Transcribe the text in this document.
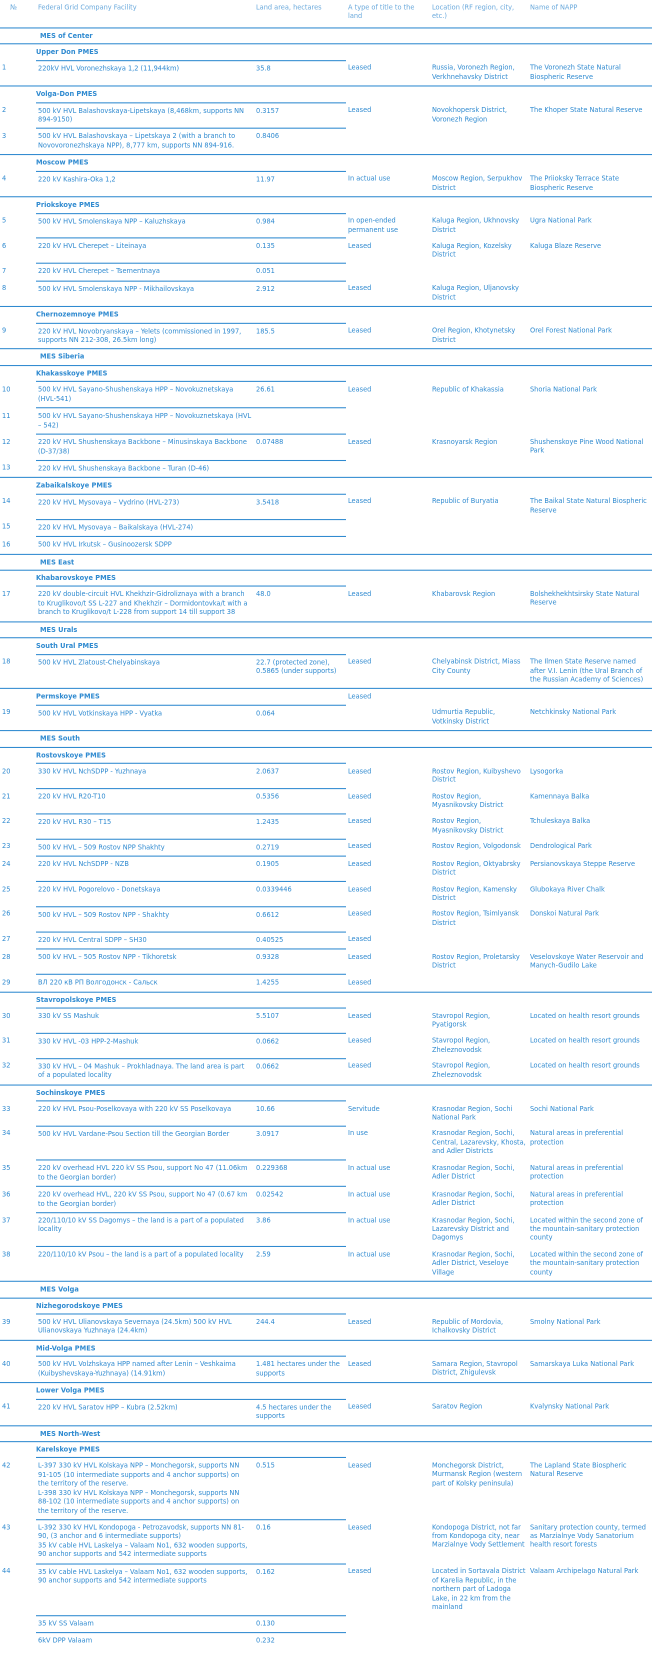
№	Federal Grid Company Facility	Land area, hectares	A type of title to the land	Location (RF region, city, etc.)	Name of NAPP
	MES of Center				
	Upper Don PMES				
1	220kV HVL Voronezhskaya 1,2 (11,944km)	35.8	Leased	Russia, Voronezh Region, Verkhnehavsky District	The Voronezh State Natural Biospheric Reserve
	Volga-Don PMES				
2	500 kV HVL Balashovskaya-Lipetskaya (8,468km, supports NN 894-9150)	0.3157	Leased	Novokhopersk District, Voronezh Region	The Khoper State Natural Reserve
3	500 kV HVL Balashovskaya – Lipetskaya 2 (with a branch to Novovoronezhskaya NPP), 8,777 km, supports NN 894-916.	0.8406			
	Moscow PMES				
4	220 kV Kashira-Oka 1,2	11.97	In actual use	Moscow Region, Serpukhov District	The Priioksky Terrace State Biospheric Reserve
	Priokskoye PMES				
5	500 kV HVL Smolenskaya NPP – Kaluzhskaya	0.984	In open-ended permanent use	Kaluga Region, Ukhnovsky District	Ugra National Park
6	220 kV HVL Cherepet – Liteinaya	0.135	Leased	Kaluga Region, Kozelsky District	Kaluga Blaze Reserve
7	220 kV HVL Cherepet – Tsementnaya	0.051			
8	500 kV HVL Smolenskaya NPP - Mikhailovskaya	2.912	Leased	Kaluga Region, Uljanovsky District	
	Chernozemnoye PMES				
9	220 kV HVL Novobryanskaya – Yelets (commissioned in 1997, supports NN 212-308, 26.5km long)	185.5	Leased	Orel Region, Khotynetsky District	Orel Forest National Park
	MES Siberia				
	Khakasskoye PMES				
10	500 kV HVL Sayano-Shushenskaya HPP – Novokuznetskaya (HVL-541)	26.61	Leased	Republic of Khakassia	Shoria National Park
11	500 kV HVL Sayano-Shushenskaya HPP – Novokuznetskaya (HVL – 542)				
12	220 kV HVL Shushenskaya Backbone – Minusinskaya Backbone (D-37/38)	0.07488	Leased	Krasnoyarsk Region	Shushenskoye Pine Wood National Park
13	220 kV HVL Shushenskaya Backbone – Turan (D-46)				
	Zabaikalskoye PMES				
14	220 kV HVL Mysovaya – Vydrino (HVL-273)	3.5418	Leased	Republic of Buryatia	The Baikal State Natural Biospheric Reserve
15	220 kV HVL Mysovaya – Baikalskaya (HVL-274)				
16	500 kV HVL Irkutsk – Gusinoozersk SDPP				
	MES East				
	Khabarovskoye PMES				
17	220 kV double-circuit HVL Khekhzir-Gidroliznaya with a branch to Kruglikovo/t SS L-227 and Khekhzir – Dormidontovka/t with a branch to Kruglikovo/t L-228 from support 14 till support 38	48.0	Leased	Khabarovsk Region	Bolshekhekhtsirsky State Natural Reserve
	MES Urals				
	South Ural PMES				
18	500 kV HVL Zlatoust-Chelyabinskaya	22.7 (protected zone), 0.5865 (under supports)	Leased	Chelyabinsk District, Miass City County	The Ilmen State Reserve named after V.I. Lenin (the Ural Branch of the Russian Academy of Sciences)
	Permskoye PMES		Leased		
19	500 kV HVL Votkinskaya HPP - Vyatka	0.064		Udmurtia Republic, Votkinsky District	Netchkinsky National Park
	MES South				
	Rostovskoye PMES				
20	330 kV HVL NchSDPP - Yuzhnaya	2.0637	Leased	Rostov Region, Kuibyshevo District	Lysogorka
21	220 kV HVL R20-T10	0.5356	Leased	Rostov Region, Myasnikovsky District	Kamennaya Balka
22	220 kV HVL R30 – T15	1.2435	Leased	Rostov Region, Myasnikovsky District	Tchuleskaya Balka
23	500 kV HVL – 509 Rostov NPP Shakhty	0.2719	Leased	Rostov Region, Volgodonsk	Dendrological Park
24	220 kV HVL NchSDPP - NZB	0.1905	Leased	Rostov Region, Oktyabrsky District	Persianovskaya Steppe Reserve
25	220 kV HVL Pogorelovo - Donetskaya	0.0339446	Leased	Rostov Region, Kamensky District	Glubokaya River Chalk
26	500 kV HVL – 509 Rostov NPP - Shakhty	0.6612	Leased	Rostov Region, Tsimlyansk District	Donskoi Natural Park
27	220 kV HVL Central SDPP – SH30	0.40525	Leased		
28	500 kV HVL – 505 Rostov NPP - Tikhoretsk	0.9328	Leased	Rostov Region, Proletarsky District	Veselovskoye Water Reservoir and Manych-Gudilo Lake
29	ВЛ 220 кВ РП Волгодонск - Сальск	1.4255	Leased		
	Stavropolskoye PMES				
30	330 kV SS Mashuk	5.5107	Leased	Stavropol Region, Pyatigorsk	Located on health resort grounds
31	330 kV HVL -03 HPP-2-Mashuk	0.0662	Leased	Stavropol Region, Zheleznovodsk	Located on health resort grounds
32	330 kV HVL – 04 Mashuk – Prokhladnaya. The land area is part of a populated locality	0.0662	Leased	Stavropol Region, Zheleznovodsk	Located on health resort grounds
	Sochinskoye PMES				
33	220 kV HVL Psou-Poselkovaya with 220 kV SS Poselkovaya	10.66	Servitude	Krasnodar Region, Sochi National Park	Sochi National Park
34	500 kV HVL Vardane-Psou Section till the Georgian Border	3.0917	In use	Krasnodar Region, Sochi, Central, Lazarevsky, Khosta, and Adler Districts	Natural areas in preferential protection
35	220 kV overhead HVL 220 kV SS Psou, support No 47 (11.06km to the Georgian border)	0.229368	In actual use	Krasnodar Region, Sochi, Adler District	Natural areas in preferential protection
36	220 kV overhead HVL, 220 kV SS Psou, support No 47 (0.67 km to the Georgian border)	0.02542	In actual use	Krasnodar Region, Sochi, Adler District	Natural areas in preferential protection
37	220/110/10 kV SS Dagomys – the land is a part of a populated locality	3.86	In actual use	Krasnodar Region, Sochi, Lazarevsky District and Dagomys	Located within the second zone of the mountain-sanitary protection county
38	220/110/10 kV Psou – the land is a part of a populated locality	2.59	In actual use	Krasnodar Region, Sochi, Adler District, Veseloye Village	Located within the second zone of the mountain-sanitary protection county
	MES Volga				
	Nizhegorodskoye PMES				
39	500 kV HVL Ulianovskaya Severnaya (24.5km) 500 kV HVL Ulianovskaya Yuzhnaya (24.4km)	244.4	Leased	Republic of Mordovia, Ichalkovsky District	Smolny National Park
	Mid-Volga PMES				
40	500 kV HVL Volzhskaya HPP named after Lenin – Veshkaima (Kuibyshevskaya-Yuzhnaya) (14.91km)	1.481 hectares under the supports	Leased	Samara Region, Stavropol District, Zhigulevsk	Samarskaya Luka National Park
	Lower Volga PMES				
41	220 kV HVL Saratov HPP – Kubra (2.52km)	4.5 hectares under the supports	Leased	Saratov Region	Kvalynsky National Park
	MES North-West				
	Karelskoye PMES				
42	L-397 330 kV HVL Kolskaya NPP – Monchegorsk, supports NN 91-105 (10 intermediate supports and 4 anchor supports) on the territory of the reserve.
L-398 330 kV HVL Kolskaya NPP – Monchegorsk, supports NN 88-102 (10 intermediate supports and 4 anchor supports) on the territory of the reserve.	0.515	Leased	Monchegorsk District, Murmansk Region (western part of Kolsky peninsula)	The Lapland State Biospheric Natural Reserve
43	L-392 330 kV HVL Kondopoga - Petrozavodsk, supports NN 81-90, (3 anchor and 6 intermediate supports)
35 kV cable HVL Laskelya – Valaam No1, 632 wooden supports, 90 anchor supports and 542 intermediate supports	0.16	Leased	Kondopoga District, not far from Kondopoga city, near Marzialnye Vody Settlement	Sanitary protection county, termed as Marzialnye Vody Sanatorium health resort forests
44	35 kV cable HVL Laskelya – Valaam No1, 632 wooden supports, 90 anchor supports and 542 intermediate supports	0.162	Leased	Located in Sortavala District of Karelia Republic, in the northern part of Ladoga Lake, in 22 km from the mainland	Valaam Archipelago Natural Park
	35 kV SS Valaam	0.130			
	6kV DPP Valaam	0.232			
